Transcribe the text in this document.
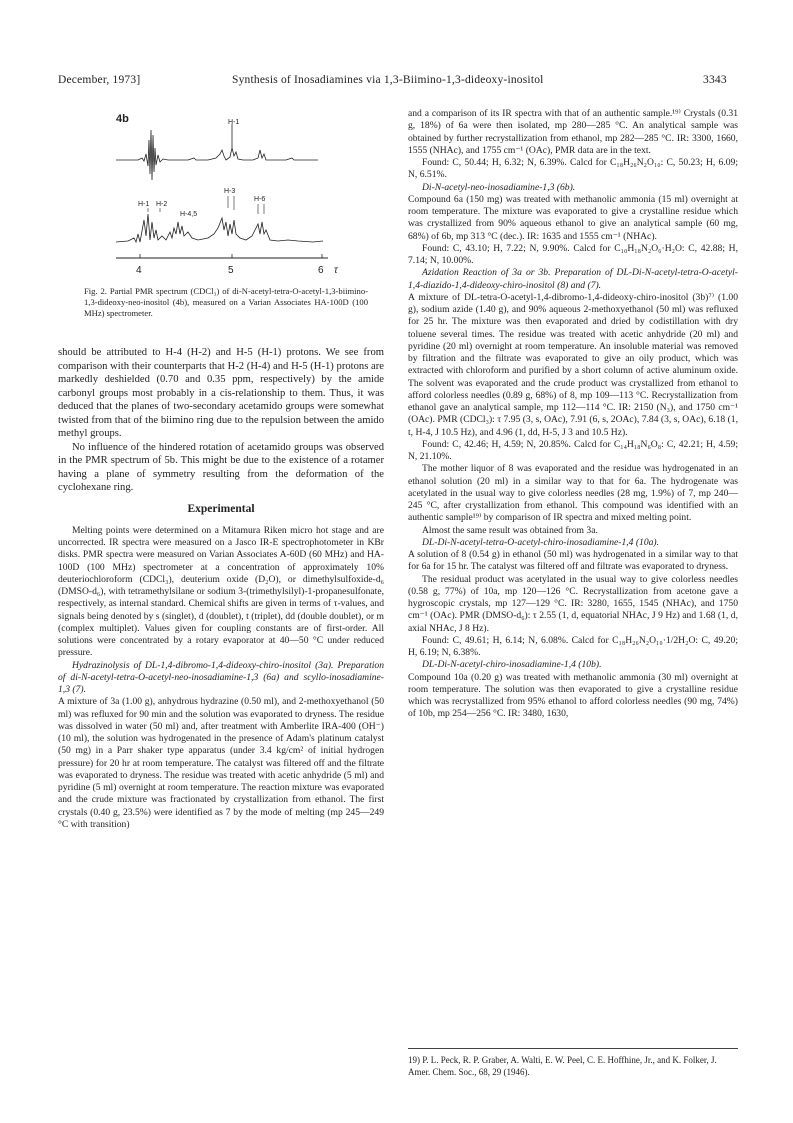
December, 1973]	Synthesis of Inosadiamines via 1,3-Biimino-1,3-dideoxy-inositol	3343
4b	H-1
H-1 H-2
H-3
H-4,5
H-6
4	5	6 τ
Fig. 2. Partial PMR spectrum (CDCl₃) of di-N-acetyl-tetra-O-acetyl-1,3-biimino-1,3-dideoxy-neo-inositol (4b), measured on a Varian Associates HA-100D (100 MHz) spectrometer.

should be attributed to H-4 (H-2) and H-5 (H-1) protons. We see from comparison with their counterparts that H-2 (H-4) and H-5 (H-1) protons are markedly deshielded (0.70 and 0.35 ppm, respectively) by the amide carbonyl groups most probably in a cis-relationship to them. Thus, it was deduced that the planes of two-secondary acetamido groups were somewhat twisted from that of the biimino ring due to the repulsion between the amido methyl groups.

No influence of the hindered rotation of acetamido groups was observed in the PMR spectrum of 5b. This might be due to the existence of a rotamer having a plane of symmetry resulting from the deformation of the cyclohexane ring.

Experimental

Melting points were determined on a Mitamura Riken micro hot stage and are uncorrected. IR spectra were measured on a Jasco IR-E spectrophotometer in KBr disks. PMR spectra were measured on Varian Associates A-60D (60 MHz) and HA-100D (100 MHz) spectrometer at a concentration of approximately 10% deuteriochloroform (CDCl₃), deuterium oxide (D₂O), or dimethylsulfoxide-d₆ (DMSO-d₆), with tetramethylsilane or sodium 3-(trimethylsilyl)-1-propanesulfonate, respectively, as internal standard. Chemical shifts are given in terms of τ-values, and signals being denoted by s (singlet), d (doublet), t (triplet), dd (double doublet), or m (complex multiplet). Values given for coupling constants are of first-order. All solutions were concentrated by a rotary evaporator at 40—50 °C under reduced pressure.

Hydrazinolysis of DL-1,4-dibromo-1,4-dideoxy-chiro-inositol (3a). Preparation of di-N-acetyl-tetra-O-acetyl-neo-inosadiamine-1,3 (6a) and scyllo-inosadiamine-1,3 (7).

A mixture of 3a (1.00 g), anhydrous hydrazine (0.50 ml), and 2-methoxyethanol (50 ml) was refluxed for 90 min and the solution was evaporated to dryness. The residue was dissolved in water (50 ml) and, after treatment with Amberlite IRA-400 (OH⁻) (10 ml), the solution was hydrogenated in the presence of Adam's platinum catalyst (50 mg) in a Parr shaker type apparatus (under 3.4 kg/cm² of initial hydrogen pressure) for 20 hr at room temperature. The catalyst was filtered off and the filtrate was evaporated to dryness. The residue was treated with acetic anhydride (5 ml) and pyridine (5 ml) overnight at room temperature. The reaction mixture was evaporated and the crude mixture was fractionated by crystallization from ethanol. The first crystals (0.40 g, 23.5%) were identified as 7 by the mode of melting (mp 245—249 °C with transition)

and a comparison of its IR spectra with that of an authentic sample.¹⁹⁾ Crystals (0.31 g, 18%) of 6a were then isolated, mp 280—285 °C. An analytical sample was obtained by further recrystallization from ethanol, mp 282—285 °C. IR: 3300, 1660, 1555 (NHAc), and 1755 cm⁻¹ (OAc), PMR data are in the text.

Found: C, 50.44; H, 6.32; N, 6.39%. Calcd for C₁₈H₂₆N₂O₁₀: C, 50.23; H, 6.09; N, 6.51%.

Di-N-acetyl-neo-inosadiamine-1,3 (6b).

Compound 6a (150 mg) was treated with methanolic ammonia (15 ml) overnight at room temperature. The mixture was evaporated to give a crystalline residue which was crystallized from 90% aqueous ethanol to give an analytical sample (60 mg, 68%) of 6b, mp 313 °C (dec.). IR: 1635 and 1555 cm⁻¹ (NHAc).

Found: C, 43.10; H, 7.22; N, 9.90%. Calcd for C₁₀H₁₈N₂O₆·H₂O: C, 42.88; H, 7.14; N, 10.00%.

Azidation Reaction of 3a or 3b. Preparation of DL-Di-N-acetyl-tetra-O-acetyl-1,4-diazido-1,4-dideoxy-chiro-inositol (8) and (7).

A mixture of DL-tetra-O-acetyl-1,4-dibromo-1,4-dideoxy-chiro-inositol (3b)⁷⁾ (1.00 g), sodium azide (1.40 g), and 90% aqueous 2-methoxyethanol (50 ml) was refluxed for 25 hr. The mixture was then evaporated and dried by codistillation with dry toluene several times. The residue was treated with acetic anhydride (20 ml) and pyridine (20 ml) overnight at room temperature. An insoluble material was removed by filtration and the filtrate was evaporated to give an oily product, which was extracted with chloroform and purified by a short column of active aluminum oxide. The solvent was evaporated and the crude product was crystallized from ethanol to afford colorless needles (0.89 g, 68%) of 8, mp 109—113 °C. Recrystallization from ethanol gave an analytical sample, mp 112—114 °C. IR: 2150 (N₃), and 1750 cm⁻¹ (OAc). PMR (CDCl₃): τ 7.95 (3, s, OAc), 7.91 (6, s, 2OAc), 7.84 (3, s, OAc), 6.18 (1, t, H-4, J 10.5 Hz), and 4.96 (1, dd, H-5, J 3 and 10.5 Hz).

Found: C, 42.46; H, 4.59; N, 20.85%. Calcd for C₁₄H₁₈N₆O₈: C, 42.21; H, 4.59; N, 21.10%.

The mother liquor of 8 was evaporated and the residue was hydrogenated in an ethanol solution (20 ml) in a similar way to that for 6a. The hydrogenate was acetylated in the usual way to give colorless needles (28 mg, 1.9%) of 7, mp 240—245 °C, after crystallization from ethanol. This compound was identified with an authentic sample¹⁹⁾ by comparison of IR spectra and mixed melting point.

Almost the same result was obtained from 3a.

DL-Di-N-acetyl-tetra-O-acetyl-chiro-inosadiamine-1,4 (10a).

A solution of 8 (0.54 g) in ethanol (50 ml) was hydrogenated in a similar way to that for 6a for 15 hr. The catalyst was filtered off and filtrate was evaporated to dryness.

The residual product was acetylated in the usual way to give colorless needles (0.58 g, 77%) of 10a, mp 120—126 °C. Recrystallization from acetone gave a hygroscopic crystals, mp 127—129 °C. IR: 3280, 1655, 1545 (NHAc), and 1750 cm⁻¹ (OAc). PMR (DMSO-d₆): τ 2.55 (1, d, equatorial NHAc, J 9 Hz) and 1.68 (1, d, axial NHAc, J 8 Hz).

Found: C, 49.61; H, 6.14; N, 6.08%. Calcd for C₁₈H₂₆N₂O₁₀·1/2H₂O: C, 49.20; H, 6.19; N, 6.38%.

DL-Di-N-acetyl-chiro-inosadiamine-1,4 (10b).

Compound 10a (0.20 g) was treated with methanolic ammonia (30 ml) overnight at room temperature. The solution was then evaporated to give a crystalline residue which was recrystallized from 95% ethanol to afford colorless needles (90 mg, 74%) of 10b, mp 254—256 °C. IR: 3480, 1630,

19) P. L. Peck, R. P. Graber, A. Walti, E. W. Peel, C. E. Hoffhine, Jr., and K. Folker, J. Amer. Chem. Soc., 68, 29 (1946).
